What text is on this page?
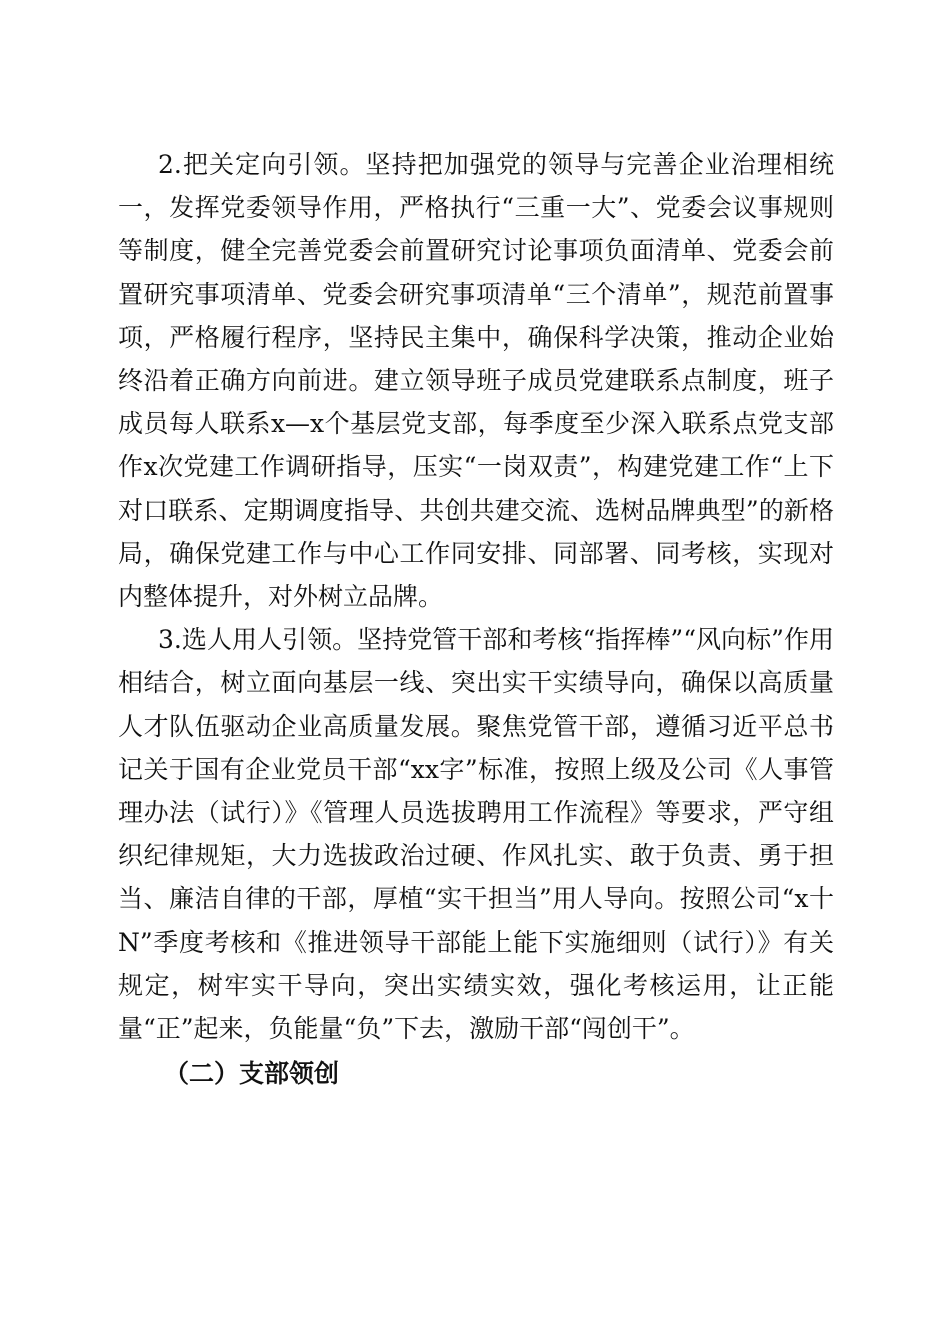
2.把关定向引领。坚持把加强党的领导与完善企业治理相统一，发挥党委领导作用，严格执行“三重一大”、党委会议事规则等制度，健全完善党委会前置研究讨论事项负面清单、党委会前置研究事项清单、党委会研究事项清单“三个清单”，规范前置事项，严格履行程序，坚持民主集中，确保科学决策，推动企业始终沿着正确方向前进。建立领导班子成员党建联系点制度，班子成员每人联系x—x个基层党支部，每季度至少深入联系点党支部作x次党建工作调研指导，压实“一岗双责”，构建党建工作“上下对口联系、定期调度指导、共创共建交流、选树品牌典型”的新格局，确保党建工作与中心工作同安排、同部署、同考核，实现对内整体提升，对外树立品牌。

3.选人用人引领。坚持党管干部和考核“指挥棒”“风向标”作用相结合，树立面向基层一线、突出实干实绩导向，确保以高质量人才队伍驱动企业高质量发展。聚焦党管干部，遵循习近平总书记关于国有企业党员干部“xx字”标准，按照上级及公司《人事管理办法（试行）》《管理人员选拔聘用工作流程》等要求，严守组织纪律规矩，大力选拔政治过硬、作风扎实、敢于负责、勇于担当、廉洁自律的干部，厚植“实干担当”用人导向。按照公司“x十N”季度考核和《推进领导干部能上能下实施细则（试行）》有关规定，树牢实干导向，突出实绩实效，强化考核运用，让正能量“正”起来，负能量“负”下去，激励干部“闯创干”。

（二）支部领创
